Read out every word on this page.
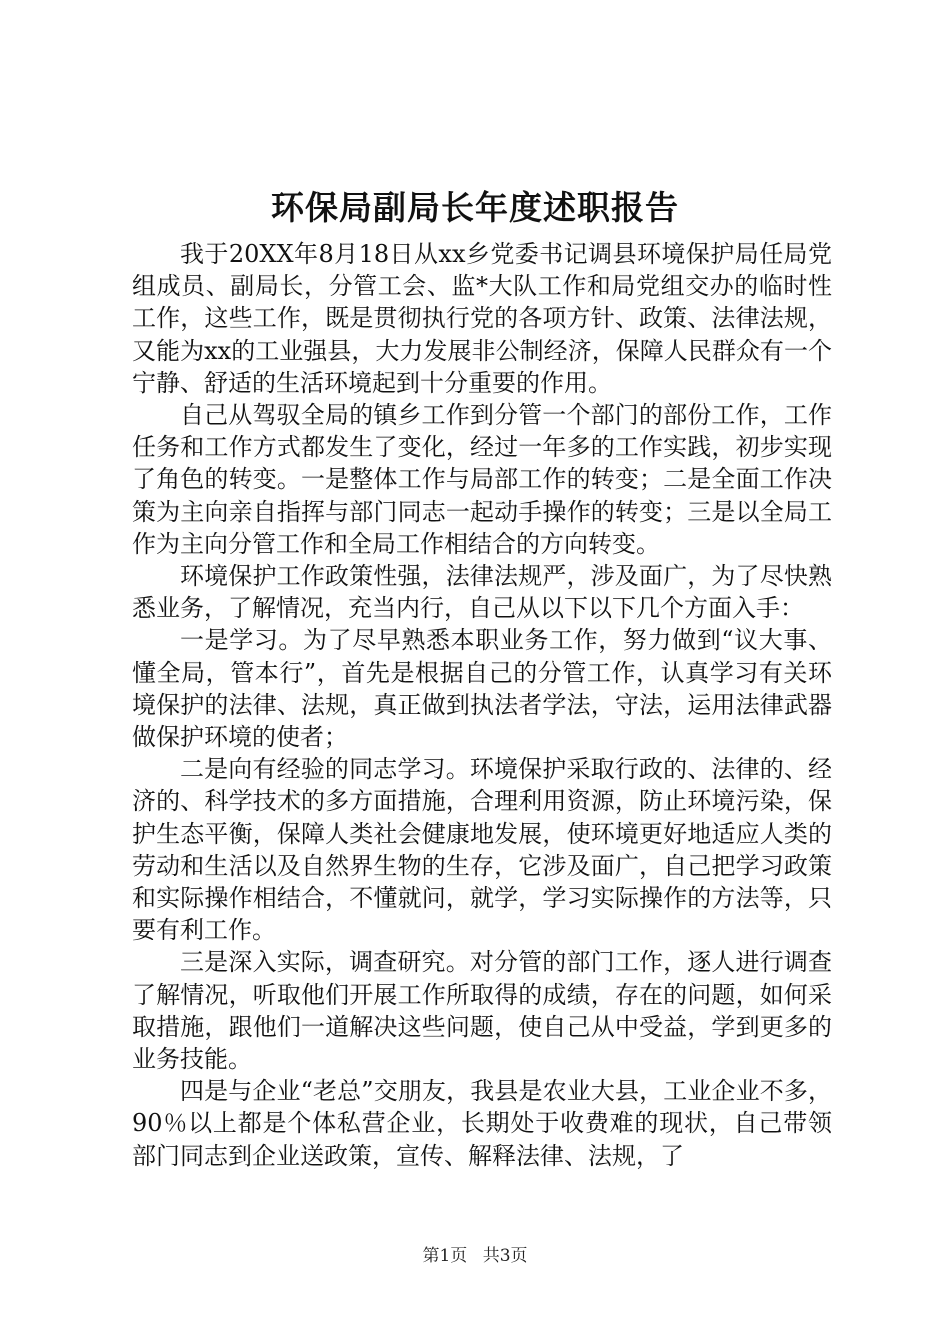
环保局副局长年度述职报告

我于20XX年8月18日从xx乡党委书记调县环境保护局任局党组成员、副局长，分管工会、监*大队工作和局党组交办的临时性工作，这些工作，既是贯彻执行党的各项方针、政策、法律法规，又能为xx的工业强县，大力发展非公制经济，保障人民群众有一个宁静、舒适的生活环境起到十分重要的作用。

自己从驾驭全局的镇乡工作到分管一个部门的部份工作，工作任务和工作方式都发生了变化，经过一年多的工作实践，初步实现了角色的转变。一是整体工作与局部工作的转变；二是全面工作决策为主向亲自指挥与部门同志一起动手操作的转变；三是以全局工作为主向分管工作和全局工作相结合的方向转变。

环境保护工作政策性强，法律法规严，涉及面广，为了尽快熟悉业务，了解情况，充当内行，自己从以下以下几个方面入手：

一是学习。为了尽早熟悉本职业务工作，努力做到“议大事、懂全局，管本行”，首先是根据自己的分管工作，认真学习有关环境保护的法律、法规，真正做到执法者学法，守法，运用法律武器做保护环境的使者；

二是向有经验的同志学习。环境保护采取行政的、法律的、经济的、科学技术的多方面措施，合理利用资源，防止环境污染，保护生态平衡，保障人类社会健康地发展，使环境更好地适应人类的劳动和生活以及自然界生物的生存，它涉及面广，自己把学习政策和实际操作相结合，不懂就问，就学，学习实际操作的方法等，只要有利工作。

三是深入实际，调查研究。对分管的部门工作，逐人进行调查了解情况，听取他们开展工作所取得的成绩，存在的问题，如何采取措施，跟他们一道解决这些问题，使自己从中受益，学到更多的业务技能。

四是与企业“老总”交朋友，我县是农业大县，工业企业不多，90％以上都是个体私营企业，长期处于收费难的现状，自己带领部门同志到企业送政策，宣传、解释法律、法规，了

第1页 共3页
